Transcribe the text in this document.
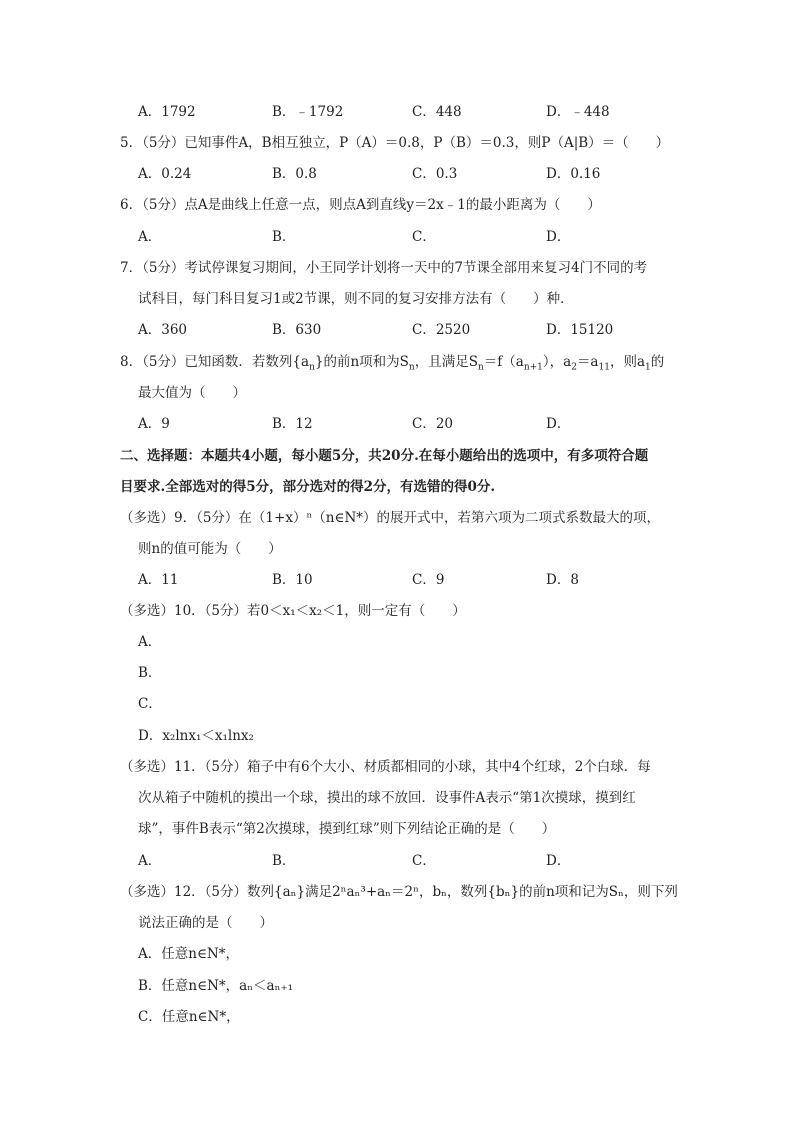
A．1792	B．﹣1792	C．448	D．﹣448
5．（5分）已知事件A，B相互独立，P（A）＝0.8，P（B）＝0.3，则P（A|B）＝（　　）
A．0.24	B．0.8	C．0.3	D．0.16
6．（5分）点A是曲线上任意一点，则点A到直线y＝2x﹣1的最小距离为（　　）
A．	B．	C．	D．
7．（5分）考试停课复习期间，小王同学计划将一天中的7节课全部用来复习4门不同的考
试科目，每门科目复习1或2节课，则不同的复习安排方法有（　　）种．
A．360	B．630	C．2520	D．15120
8．（5分）已知函数．若数列$\{a_n\}$的前n项和为$S_n$，且满足$S_n=f(a_{n+1})$，$a_2=a_{11}$，则$a_1$的
最大值为（　　）
A．9	B．12	C．20	D．
二、选择题：本题共4小题，每小题5分，共20分.在每小题给出的选项中，有多项符合题
目要求.全部选对的得5分，部分选对的得2分，有选错的得0分.
（多选）9．（5分）在（1+x）ⁿ（n∈N*）的展开式中，若第六项为二项式系数最大的项，
则n的值可能为（　　）
A．11	B．10	C．9	D．8
（多选）10．（5分）若0＜x₁＜x₂＜1，则一定有（　　）
A．
B．
C．
D．x₂lnx₁＜x₁lnx₂
（多选）11．（5分）箱子中有6个大小、材质都相同的小球，其中4个红球，2个白球．每
次从箱子中随机的摸出一个球，摸出的球不放回．设事件A表示“第1次摸球，摸到红
球”，事件B表示“第2次摸球，摸到红球”则下列结论正确的是（　　）
A．	B．	C．	D．
（多选）12．（5分）数列{aₙ}满足2ⁿaₙ³+aₙ＝2ⁿ，bₙ，数列{bₙ}的前n项和记为Sₙ，则下列
说法正确的是（　　）
A．任意n∈N*，
B．任意n∈N*，aₙ＜aₙ₊₁
C．任意n∈N*，
